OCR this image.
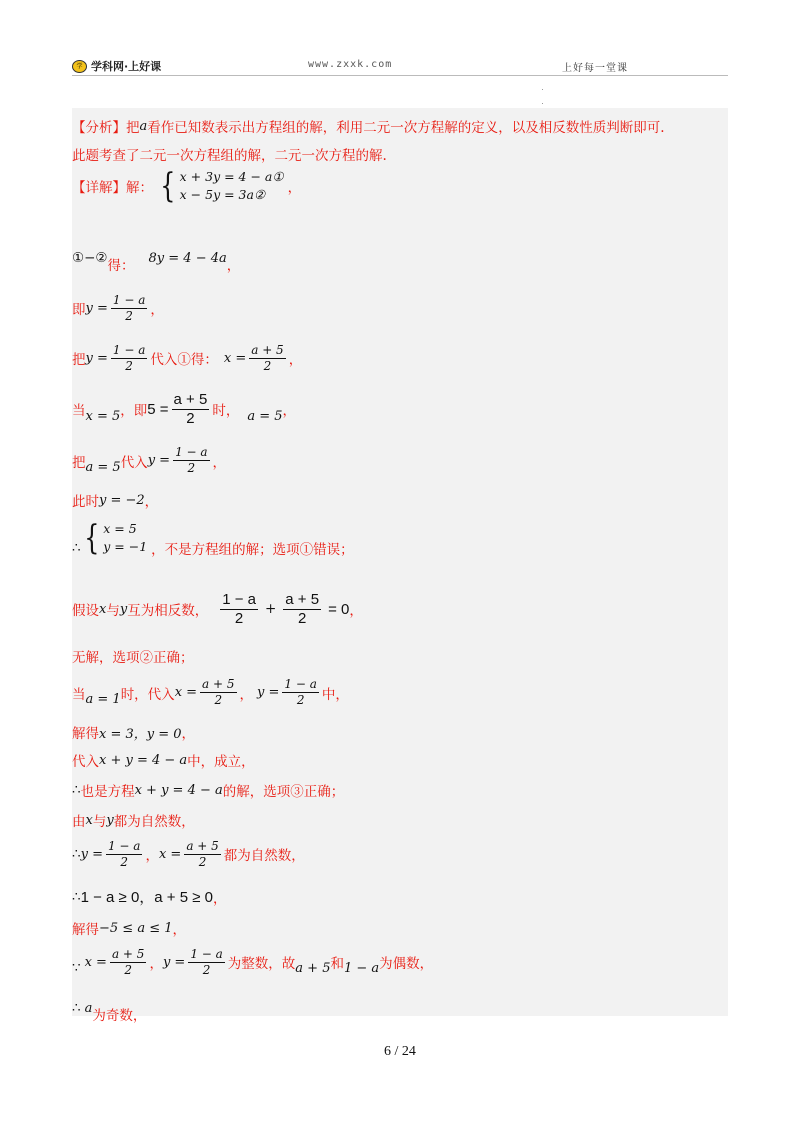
学 学科网·上好课	www.zxxk.com	上好每一堂课
【分析】把 a 看作已知数表示出方程组的解，利用二元一次方程解的定义，以及相反数性质判断即可.
此题考查了二元一次方程组的解，二元一次方程的解.
【详解】解： { x + 3y = 4 − a①
x − 5y = 3a②	，
①−② 得： 8y = 4 − 4a ，
即 $y = \frac{1 - a}{2}$ ，
把 $y = \frac{1 - a}{2}$ 代入①得： $x = \frac{a + 5}{2}$ ，
当 x = 5 ，即 $5 = \frac{a + 5}{2}$ 时， a = 5 ，
把 a = 5 代入 $y = \frac{1 - a}{2}$ ，
此时 y = −2 ，
∴ { x = 5
y = −1 ，不是方程组的解；选项①错误；
假设 x 与 y 互为相反数， $\frac{1 - a}{2} + \frac{a + 5}{2} = 0$ ，
无解，选项②正确；
当 a = 1 时，代入 $x = \frac{a + 5}{2}$ ， $y = \frac{1 - a}{2}$ 中，
解得 x = 3，y = 0 ，
代入 x + y = 4 − a 中，成立，
∴ 也是方程 x + y = 4 − a 的解，选项③正确；
由 x 与 y 都为自然数，
∴ $y = \frac{1 - a}{2}$ ， $x = \frac{a + 5}{2}$ 都为自然数，
∴ 1 − a ≥ 0，a + 5 ≥ 0 ，
解得 −5 ≤ a ≤ 1 ，
∵ $x = \frac{a + 5}{2}$ ， $y = \frac{1 - a}{2}$ 为整数，故 a + 5 和 1 − a 为偶数，
∴ a 为奇数，
6 / 24
